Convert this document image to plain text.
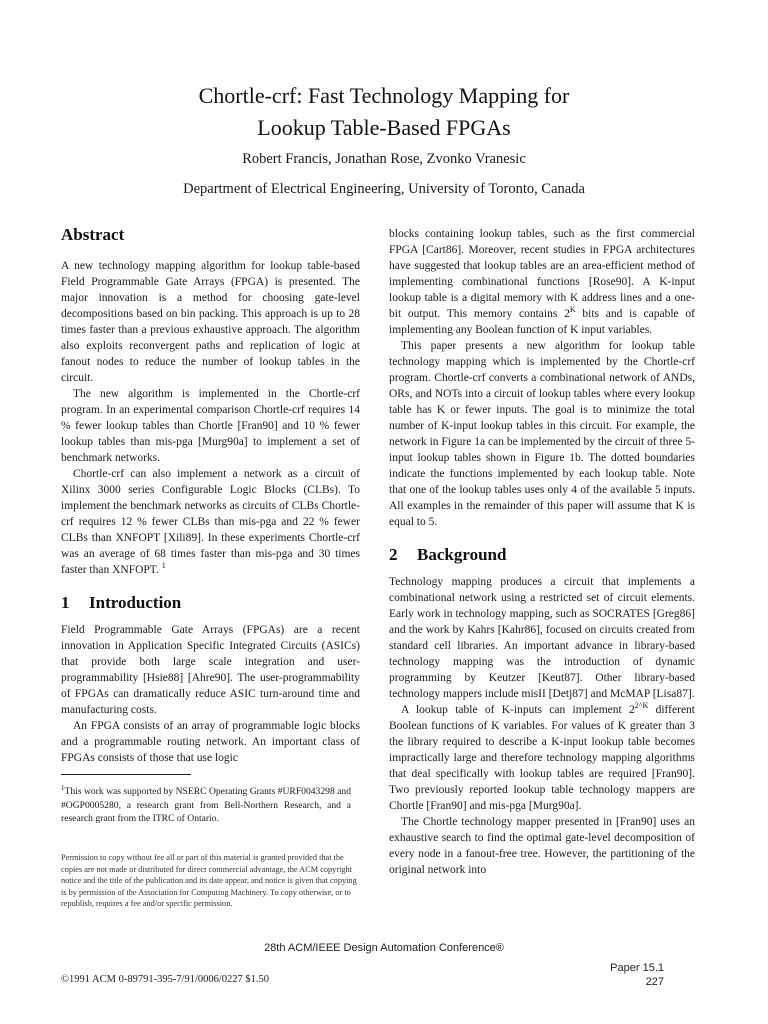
Chortle-crf: Fast Technology Mapping for
Lookup Table-Based FPGAs
Robert Francis, Jonathan Rose, Zvonko Vranesic
Department of Electrical Engineering, University of Toronto, Canada
Abstract

A new technology mapping algorithm for lookup table-based Field Programmable Gate Arrays (FPGA) is presented. The major innovation is a method for choosing gate-level decompositions based on bin packing. This approach is up to 28 times faster than a previous exhaustive approach. The algorithm also exploits reconvergent paths and replication of logic at fanout nodes to reduce the number of lookup tables in the circuit.

The new algorithm is implemented in the Chortle-crf program. In an experimental comparison Chortle-crf requires 14 % fewer lookup tables than Chortle [Fran90] and 10 % fewer lookup tables than mis-pga [Murg90a] to implement a set of benchmark networks.

Chortle-crf can also implement a network as a circuit of Xilinx 3000 series Configurable Logic Blocks (CLBs). To implement the benchmark networks as circuits of CLBs Chortle-crf requires 12 % fewer CLBs than mis-pga and 22 % fewer CLBs than XNFOPT [Xili89]. In these experiments Chortle-crf was an average of 68 times faster than mis-pga and 30 times faster than XNFOPT. $^1$

1 Introduction

Field Programmable Gate Arrays (FPGAs) are a recent innovation in Application Specific Integrated Circuits (ASICs) that provide both large scale integration and user-programmability [Hsie88] [Ahre90]. The user-programmability of FPGAs can dramatically reduce ASIC turn-around time and manufacturing costs.

An FPGA consists of an array of programmable logic blocks and a programmable routing network. An important class of FPGAs consists of those that use logic

blocks containing lookup tables, such as the first commercial FPGA [Cart86]. Moreover, recent studies in FPGA architectures have suggested that lookup tables are an area-efficient method of implementing combinational functions [Rose90]. A K-input lookup table is a digital memory with K address lines and a one-bit output. This memory contains $2^K$ bits and is capable of implementing any Boolean function of K input variables.

This paper presents a new algorithm for lookup table technology mapping which is implemented by the Chortle-crf program. Chortle-crf converts a combinational network of ANDs, ORs, and NOTs into a circuit of lookup tables where every lookup table has K or fewer inputs. The goal is to minimize the total number of K-input lookup tables in this circuit. For example, the network in Figure 1a can be implemented by the circuit of three 5-input lookup tables shown in Figure 1b. The dotted boundaries indicate the functions implemented by each lookup table. Note that one of the lookup tables uses only 4 of the available 5 inputs. All examples in the remainder of this paper will assume that K is equal to 5.

2 Background

Technology mapping produces a circuit that implements a combinational network using a restricted set of circuit elements. Early work in technology mapping, such as SOCRATES [Greg86] and the work by Kahrs [Kahr86], focused on circuits created from standard cell libraries. An important advance in library-based technology mapping was the introduction of dynamic programming by Keutzer [Keut87]. Other library-based technology mappers include misII [Detj87] and McMAP [Lisa87].

A lookup table of K-inputs can implement $2^{2\^{}K}$ different Boolean functions of K variables. For values of K greater than 3 the library required to describe a K-input lookup table becomes impractically large and therefore technology mapping algorithms that deal specifically with lookup tables are required [Fran90]. Two previously reported lookup table technology mappers are Chortle [Fran90] and mis-pga [Murg90a].

The Chortle technology mapper presented in [Fran90] uses an exhaustive search to find the optimal gate-level decomposition of every node in a fanout-free tree. However, the partitioning of the original network into

$^1$This work was supported by NSERC Operating Grants #URF0043298 and #OGP0005280, a research grant from Bell-Northern Research, and a research grant from the ITRC of Ontario.
Permission to copy without fee all or part of this material is granted provided that the copies are not made or distributed for direct commercial advantage, the ACM copyright notice and the title of the publication and its date appear, and notice is given that copying is by permission of the Association for Computing Machinery. To copy otherwise, or to republish, requires a fee and/or specific permission.
28th ACM/IEEE Design Automation Conference®
©1991 ACM 0-89791-395-7/91/0006/0227 $1.50
Paper 15.1
227
